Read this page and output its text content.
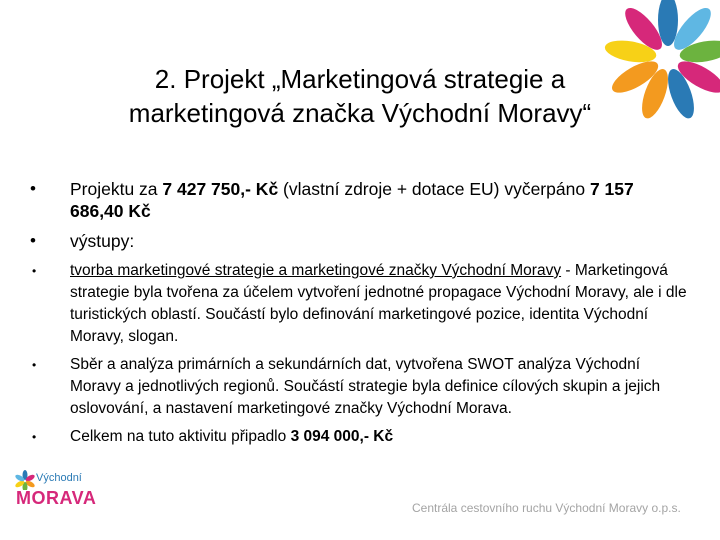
2. Projekt „Marketingová strategie a
marketingová značka Východní Moravy“
• Projektu za 7 427 750,- Kč (vlastní zdroje + dotace EU) vyčerpáno 7 157 686,40 Kč
• výstupy:
• tvorba marketingové strategie a marketingové značky Východní Moravy - Marketingová strategie byla tvořena za účelem vytvoření jednotné propagace Východní Moravy, ale i dle turistických oblastí. Součástí bylo definování marketingové pozice, identita Východní Moravy, slogan.
• Sběr a analýza primárních a sekundárních dat, vytvořena SWOT analýza Východní Moravy a jednotlivých regionů. Součástí strategie byla definice cílových skupin a jejich oslovování, a nastavení marketingové značky Východní Morava.
• Celkem na tuto aktivitu připadlo 3 094 000,- Kč
Východní
MORAVA	Centrála cestovního ruchu Východní Moravy o.p.s.
